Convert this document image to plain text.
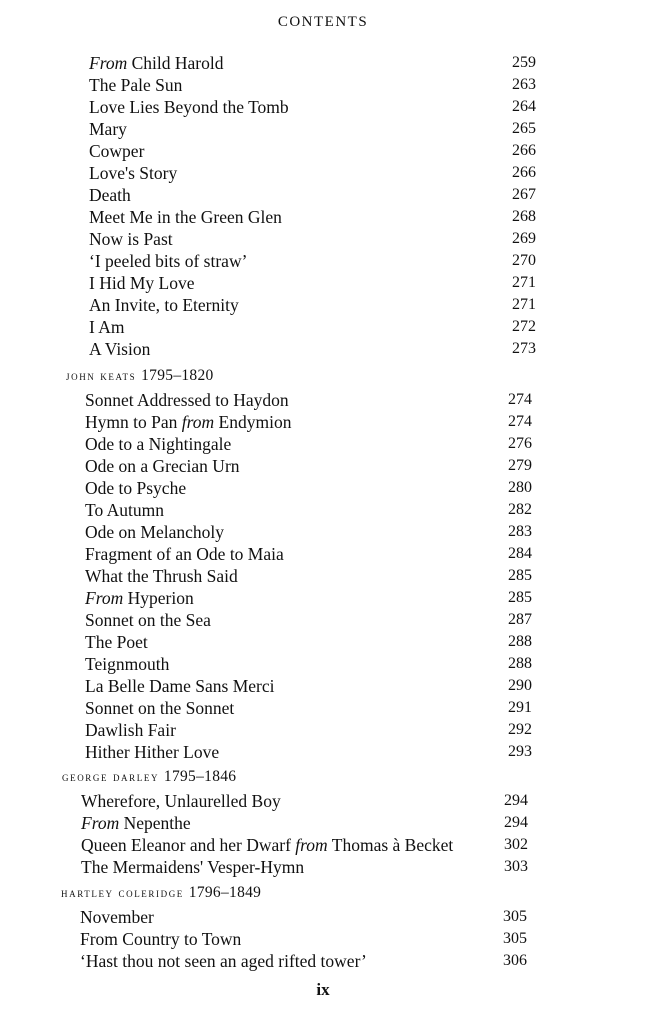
CONTENTS
From Child Harold	259
The Pale Sun	263
Love Lies Beyond the Tomb	264
Mary	265
Cowper	266
Love's Story	266
Death	267
Meet Me in the Green Glen	268
Now is Past	269
‘I peeled bits of straw’	270
I Hid My Love	271
An Invite, to Eternity	271
I Am	272
A Vision	273
john keats 1795–1820
Sonnet Addressed to Haydon	274
Hymn to Pan from Endymion	274
Ode to a Nightingale	276
Ode on a Grecian Urn	279
Ode to Psyche	280
To Autumn	282
Ode on Melancholy	283
Fragment of an Ode to Maia	284
What the Thrush Said	285
From Hyperion	285
Sonnet on the Sea	287
The Poet	288
Teignmouth	288
La Belle Dame Sans Merci	290
Sonnet on the Sonnet	291
Dawlish Fair	292
Hither Hither Love	293
george darley 1795–1846
Wherefore, Unlaurelled Boy	294
From Nepenthe	294
Queen Eleanor and her Dwarf from Thomas à Becket	302
The Mermaidens' Vesper-Hymn	303
hartley coleridge 1796–1849
November	305
From Country to Town	305
‘Hast thou not seen an aged rifted tower’	306
ix
